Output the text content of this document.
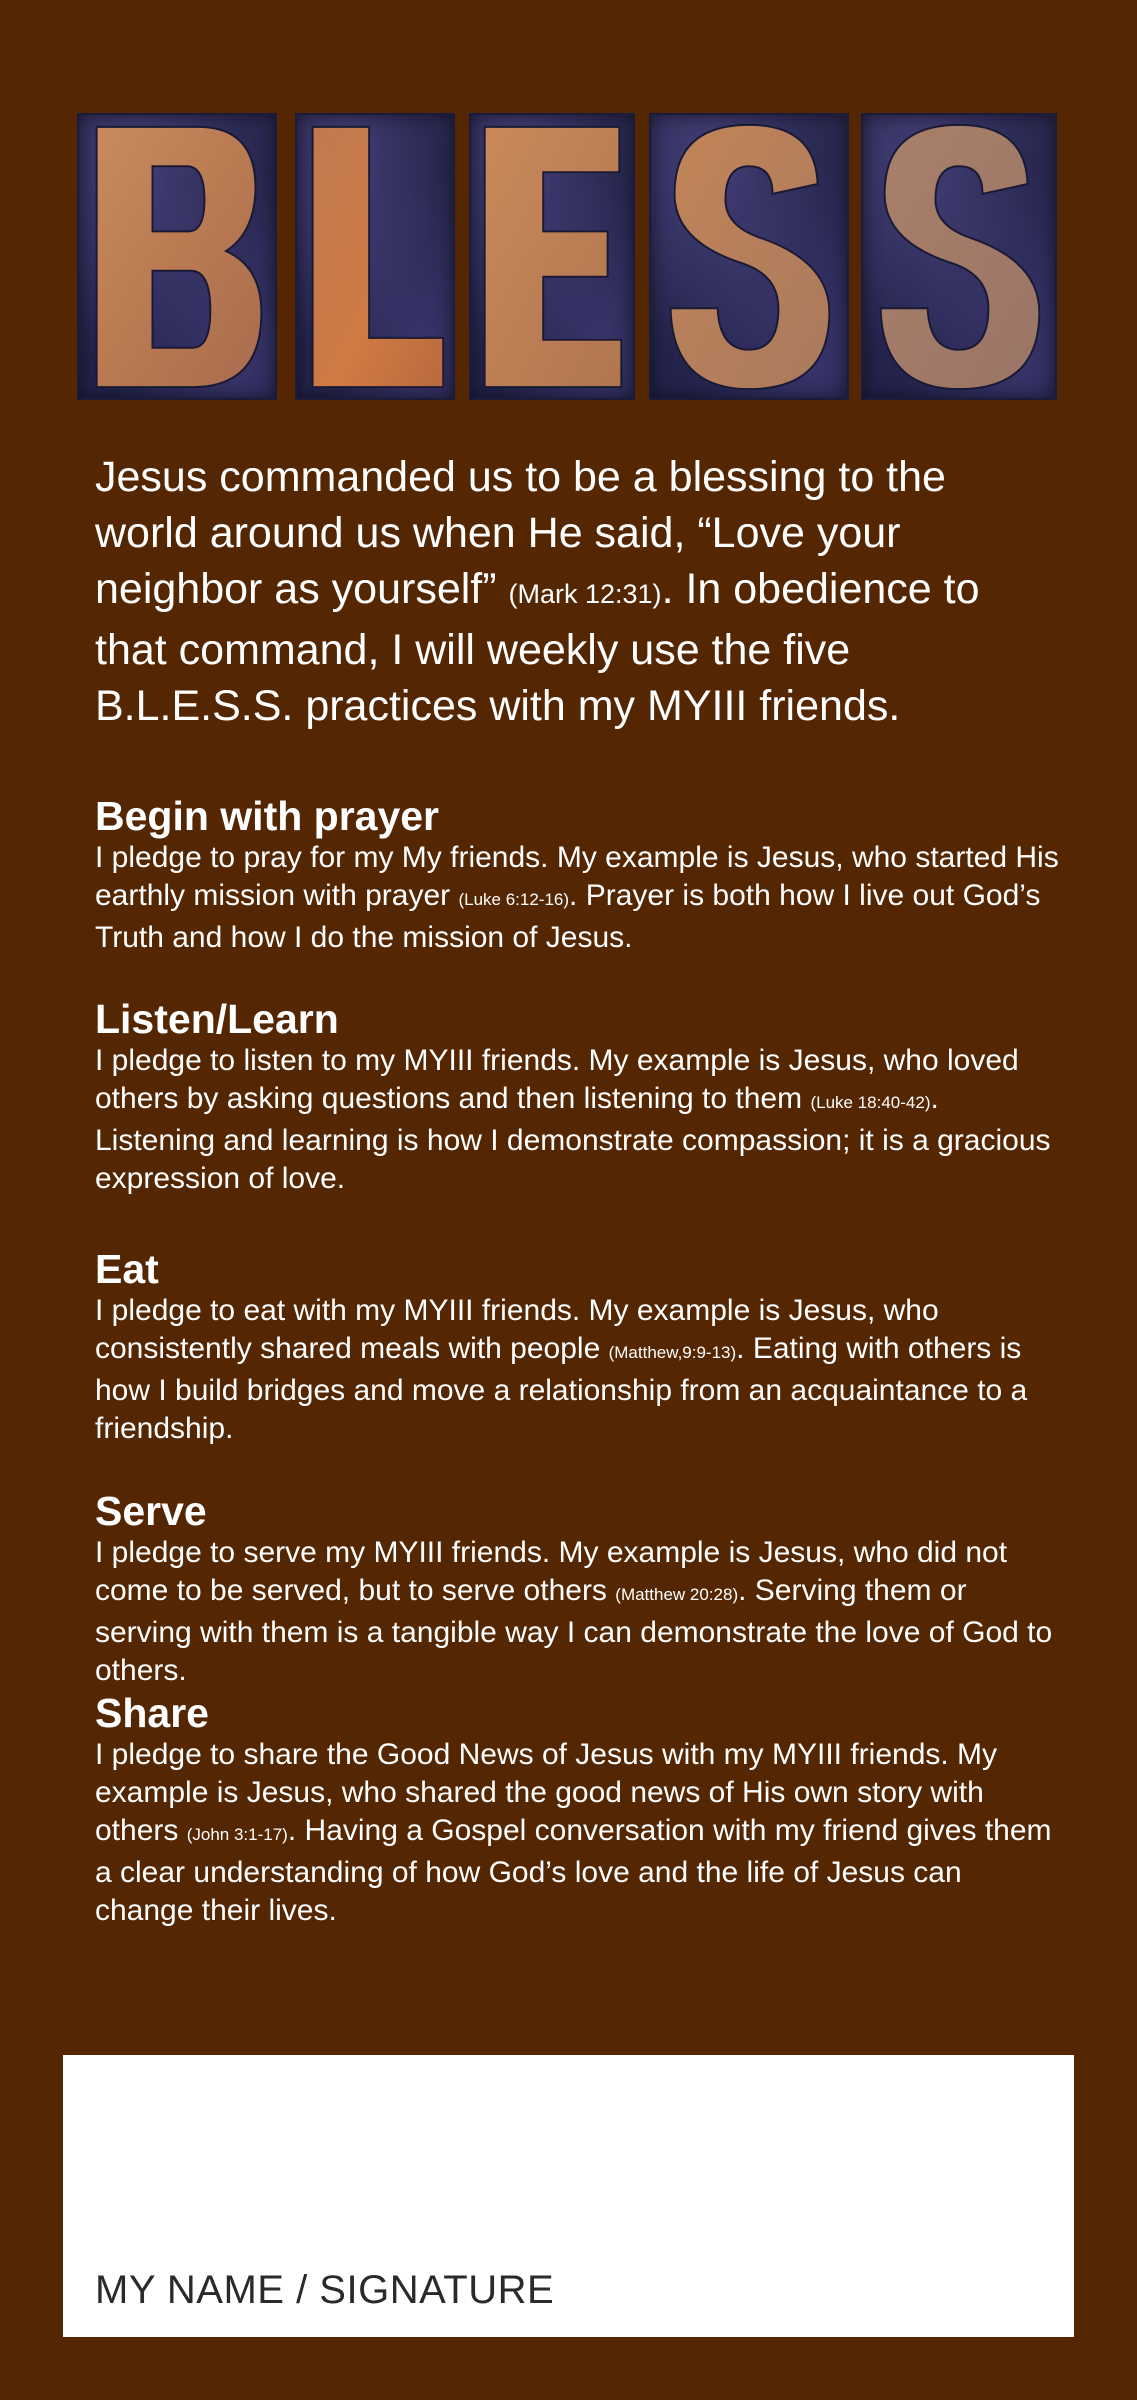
Jesus commanded us to be a blessing to the world around us when He said, “Love your neighbor as yourself” (Mark 12:31). In obedience to that command, I will weekly use the five B.L.E.S.S. practices with my MYIII friends.

Begin with prayer

I pledge to pray for my My friends. My example is Jesus, who started His earthly mission with prayer (Luke 6:12-16). Prayer is both how I live out God’s Truth and how I do the mission of Jesus.

Listen/Learn

I pledge to listen to my MYIII friends. My example is Jesus, who loved others by asking questions and then listening to them (Luke 18:40-42). Listening and learning is how I demonstrate compassion; it is a gracious expression of love.

Eat

I pledge to eat with my MYIII friends. My example is Jesus, who consistently shared meals with people (Matthew,9:9-13). Eating with others is how I build bridges and move a relationship from an acquaintance to a friendship.

Serve

I pledge to serve my MYIII friends. My example is Jesus, who did not come to be served, but to serve others (Matthew 20:28). Serving them or serving with them is a tangible way I can demonstrate the love of God to others.

Share

I pledge to share the Good News of Jesus with my MYIII friends. My example is Jesus, who shared the good news of His own story with others (John 3:1-17). Having a Gospel conversation with my friend gives them a clear understanding of how God’s love and the life of Jesus can change their lives.

MY NAME / SIGNATURE
